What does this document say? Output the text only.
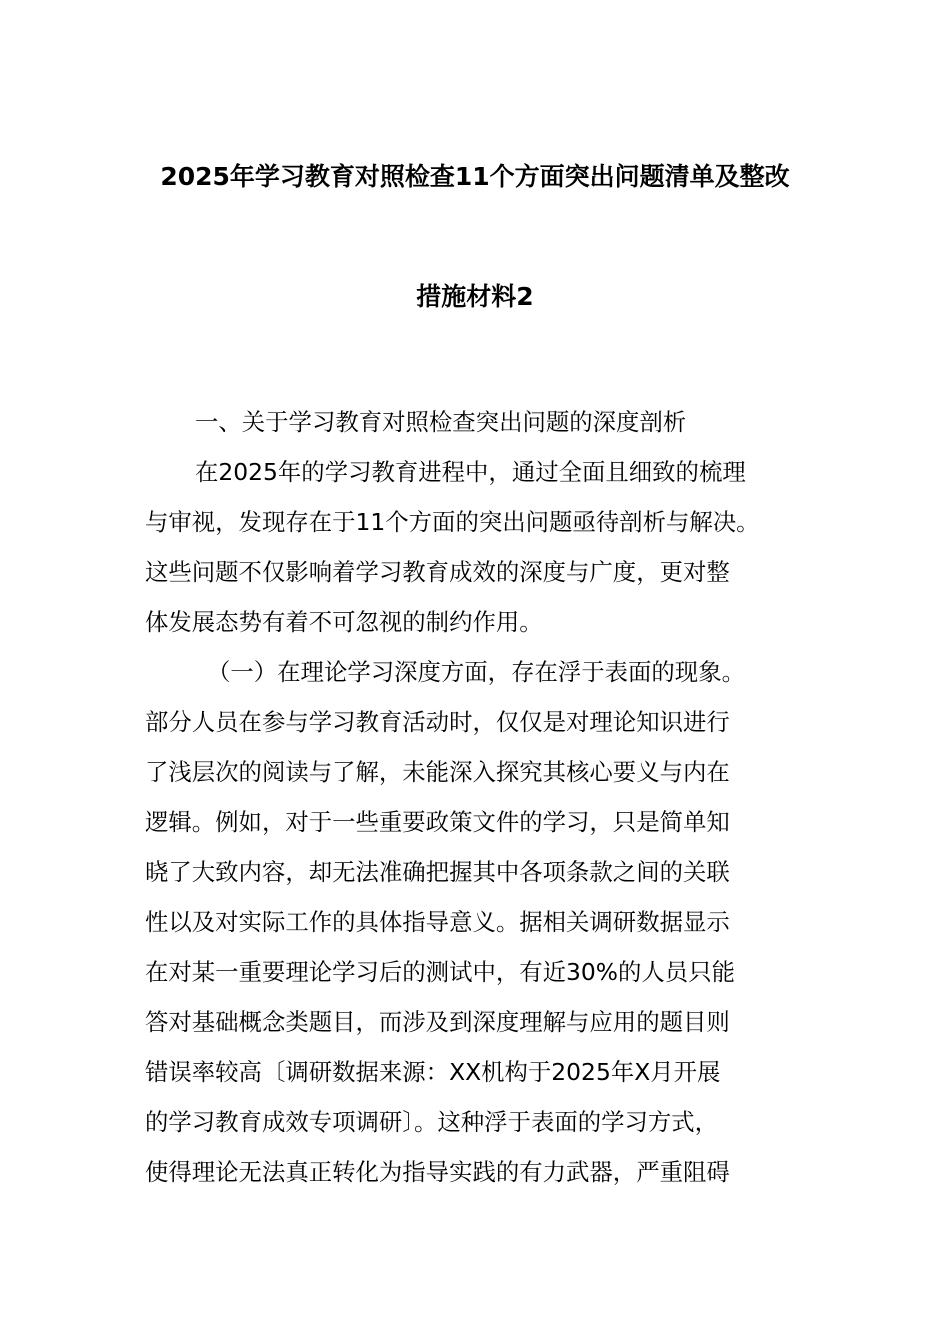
2025年学习教育对照检查11个方面突出问题清单及整改
措施材料2
一、关于学习教育对照检查突出问题的深度剖析
在2025年的学习教育进程中，通过全面且细致的梳理
与审视，发现存在于11个方面的突出问题亟待剖析与解决。
这些问题不仅影响着学习教育成效的深度与广度，更对整
体发展态势有着不可忽视的制约作用。
（一）在理论学习深度方面，存在浮于表面的现象。
部分人员在参与学习教育活动时，仅仅是对理论知识进行
了浅层次的阅读与了解，未能深入探究其核心要义与内在
逻辑。例如，对于一些重要政策文件的学习，只是简单知
晓了大致内容，却无法准确把握其中各项条款之间的关联
性以及对实际工作的具体指导意义。据相关调研数据显示
在对某一重要理论学习后的测试中，有近30%的人员只能
答对基础概念类题目，而涉及到深度理解与应用的题目则
错误率较高〔调研数据来源：XX机构于2025年X月开展
的学习教育成效专项调研〕。这种浮于表面的学习方式，
使得理论无法真正转化为指导实践的有力武器，严重阻碍
